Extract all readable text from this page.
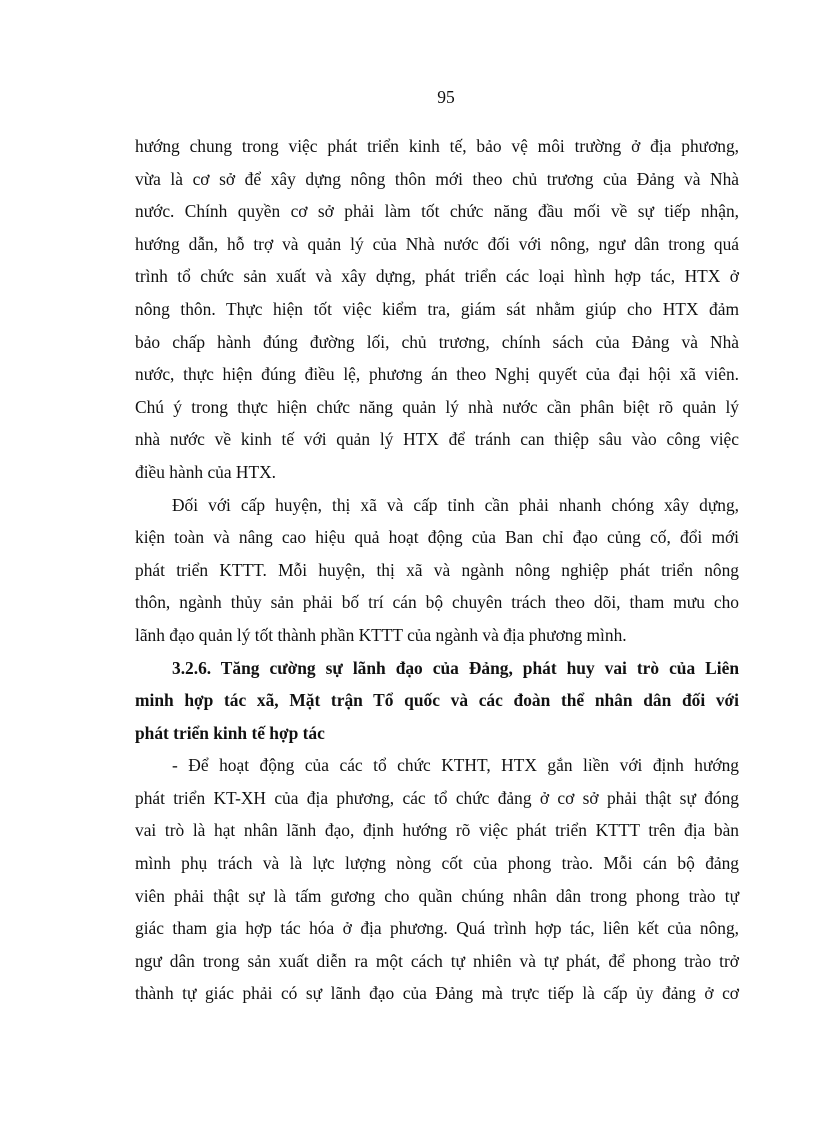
95
hướng chung trong việc phát triển kinh tế, bảo vệ môi trường ở địa phương,
vừa là cơ sở để xây dựng nông thôn mới theo chủ trương của Đảng và Nhà
nước. Chính quyền cơ sở phải làm tốt chức năng đầu mối về sự tiếp nhận,
hướng dẫn, hỗ trợ và quản lý của Nhà nước đối với nông, ngư dân trong quá
trình tổ chức sản xuất và xây dựng, phát triển các loại hình hợp tác, HTX ở
nông thôn. Thực hiện tốt việc kiểm tra, giám sát nhằm giúp cho HTX đảm
bảo chấp hành đúng đường lối, chủ trương, chính sách của Đảng và Nhà
nước, thực hiện đúng điều lệ, phương án theo Nghị quyết của đại hội xã viên.
Chú ý trong thực hiện chức năng quản lý nhà nước cần phân biệt rõ quản lý
nhà nước về kinh tế với quản lý HTX để tránh can thiệp sâu vào công việc
điều hành của HTX.
Đối với cấp huyện, thị xã và cấp tỉnh cần phải nhanh chóng xây dựng,
kiện toàn và nâng cao hiệu quả hoạt động của Ban chỉ đạo củng cố, đổi mới
phát triển KTTT. Mỗi huyện, thị xã và ngành nông nghiệp phát triển nông
thôn, ngành thủy sản phải bố trí cán bộ chuyên trách theo dõi, tham mưu cho
lãnh đạo quản lý tốt thành phần KTTT của ngành và địa phương mình.
3.2.6. Tăng cường sự lãnh đạo của Đảng, phát huy vai trò của Liên
minh hợp tác xã, Mặt trận Tổ quốc và các đoàn thể nhân dân đối với
phát triển kinh tế hợp tác
- Để hoạt động của các tổ chức KTHT, HTX gắn liền với định hướng
phát triển KT-XH của địa phương, các tổ chức đảng ở cơ sở phải thật sự đóng
vai trò là hạt nhân lãnh đạo, định hướng rõ việc phát triển KTTT trên địa bàn
mình phụ trách và là lực lượng nòng cốt của phong trào. Mỗi cán bộ đảng
viên phải thật sự là tấm gương cho quần chúng nhân dân trong phong trào tự
giác tham gia hợp tác hóa ở địa phương. Quá trình hợp tác, liên kết của nông,
ngư dân trong sản xuất diễn ra một cách tự nhiên và tự phát, để phong trào trở
thành tự giác phải có sự lãnh đạo của Đảng mà trực tiếp là cấp ủy đảng ở cơ
